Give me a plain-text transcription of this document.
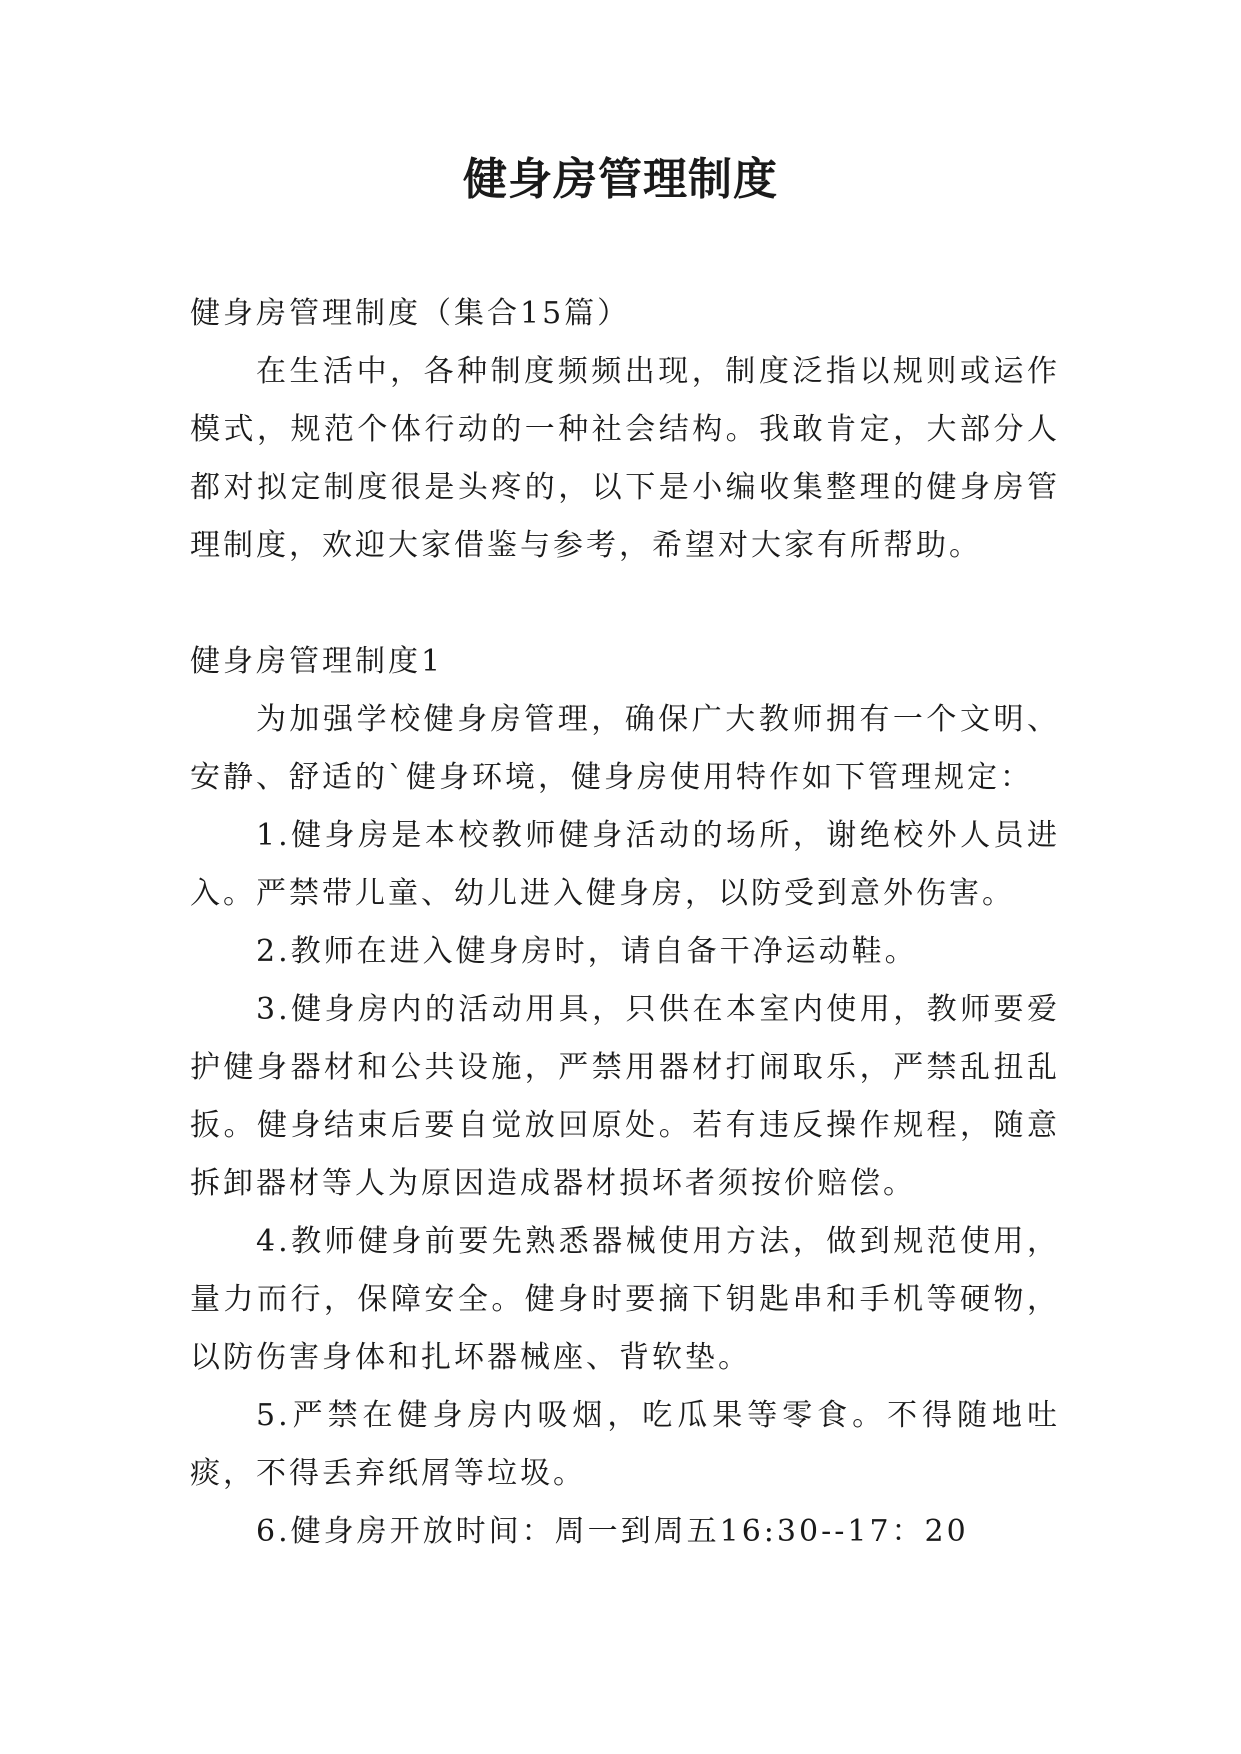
健身房管理制度

健身房管理制度（集合15篇）

在生活中，各种制度频频出现，制度泛指以规则或运作模式，规范个体行动的一种社会结构。我敢肯定，大部分人都对拟定制度很是头疼的，以下是小编收集整理的健身房管理制度，欢迎大家借鉴与参考，希望对大家有所帮助。

健身房管理制度1

为加强学校健身房管理，确保广大教师拥有一个文明、安静、舒适的`健身环境，健身房使用特作如下管理规定：

1.健身房是本校教师健身活动的场所，谢绝校外人员进入。严禁带儿童、幼儿进入健身房，以防受到意外伤害。

2.教师在进入健身房时，请自备干净运动鞋。

3.健身房内的活动用具，只供在本室内使用，教师要爱护健身器材和公共设施，严禁用器材打闹取乐，严禁乱扭乱扳。健身结束后要自觉放回原处。若有违反操作规程，随意拆卸器材等人为原因造成器材损坏者须按价赔偿。

4.教师健身前要先熟悉器械使用方法，做到规范使用，量力而行，保障安全。健身时要摘下钥匙串和手机等硬物，以防伤害身体和扎坏器械座、背软垫。

5.严禁在健身房内吸烟，吃瓜果等零食。不得随地吐痰，不得丢弃纸屑等垃圾。

6.健身房开放时间：周一到周五16:30--17：20
